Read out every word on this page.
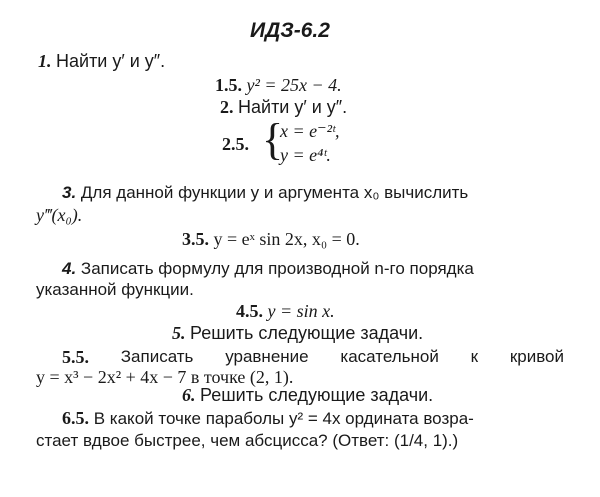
ИДЗ-6.2
1. Найти y′ и y″.
1.5. y² = 25x − 4.
2. Найти y′ и y″.
2.5. {
x = e⁻²ᵗ,
y = e⁴ᵗ.
3. Для данной функции y и аргумента x₀ вычислить
y‴(x₀).
3.5. y = eˣ sin 2x, x₀ = 0.
4. Записать формулу для производной n-го порядка
указанной функции.
4.5. y = sin x.
5. Решить следующие задачи.
5.5. Записать уравнение касательной к кривой
y = x³ − 2x² + 4x − 7 в точке (2, 1).
6. Решить следующие задачи.
6.5. В какой точке параболы y² = 4x ордината возра-
стает вдвое быстрее, чем абсцисса? (Ответ: (1/4, 1).)
